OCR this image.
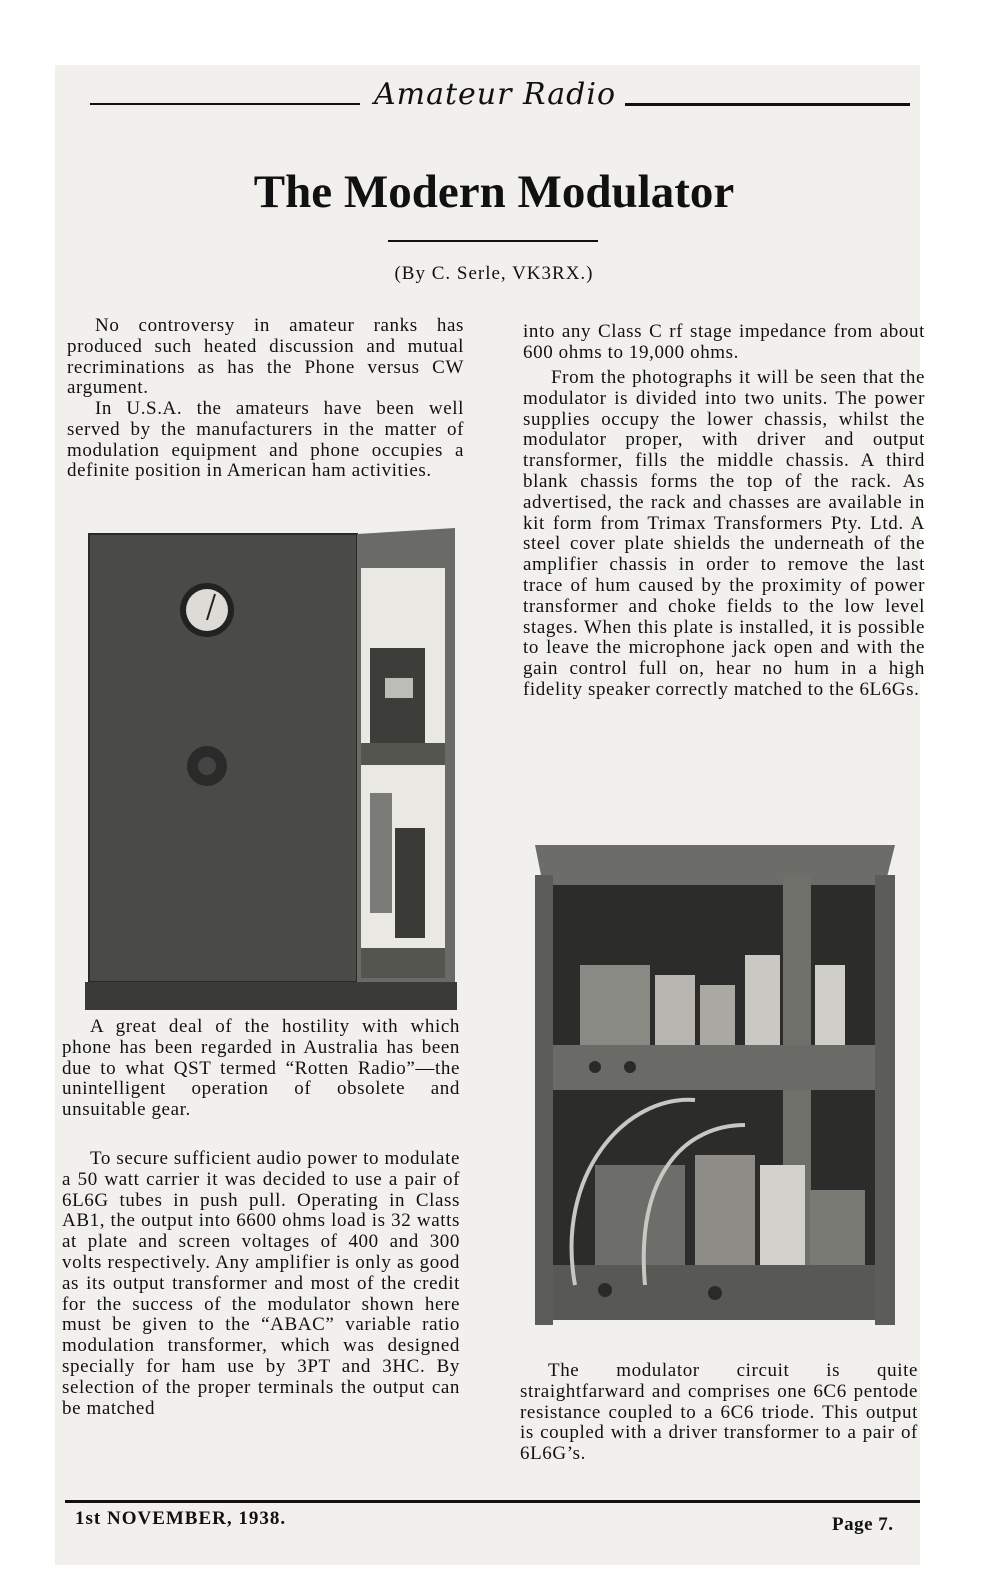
Amateur Radio
The Modern Modulator
(By C. Serle, VK3RX.)

No controversy in amateur ranks has produced such heated discussion and mutual recriminations as has the Phone versus CW argument.

In U.S.A. the amateurs have been well served by the manufacturers in the matter of modulation equipment and phone occupies a definite position in American ham activities.

A great deal of the hostility with which phone has been regarded in Australia has been due to what QST termed “Rotten Radio”—the unintelligent operation of obsolete and unsuitable gear.

To secure sufficient audio power to modulate a 50 watt carrier it was decided to use a pair of 6L6G tubes in push pull. Operating in Class AB1, the output into 6600 ohms load is 32 watts at plate and screen voltages of 400 and 300 volts respectively. Any amplifier is only as good as its output transformer and most of the credit for the success of the modulator shown here must be given to the “ABAC” variable ratio modulation transformer, which was designed specially for ham use by 3PT and 3HC. By selection of the proper terminals the output can be matched

into any Class C rf stage impedance from about 600 ohms to 19,000 ohms.

From the photographs it will be seen that the modulator is divided into two units. The power supplies occupy the lower chassis, whilst the modulator proper, with driver and output transformer, fills the middle chassis. A third blank chassis forms the top of the rack. As advertised, the rack and chasses are available in kit form from Trimax Transformers Pty. Ltd. A steel cover plate shields the underneath of the amplifier chassis in order to remove the last trace of hum caused by the proximity of power transformer and choke fields to the low level stages. When this plate is installed, it is possible to leave the microphone jack open and with the gain control full on, hear no hum in a high fidelity speaker correctly matched to the 6L6Gs.

The modulator circuit is quite straightfarward and comprises one 6C6 pentode resistance coupled to a 6C6 triode. This output is coupled with a driver transformer to a pair of 6L6G’s.

1st NOVEMBER, 1938.	Page 7.
